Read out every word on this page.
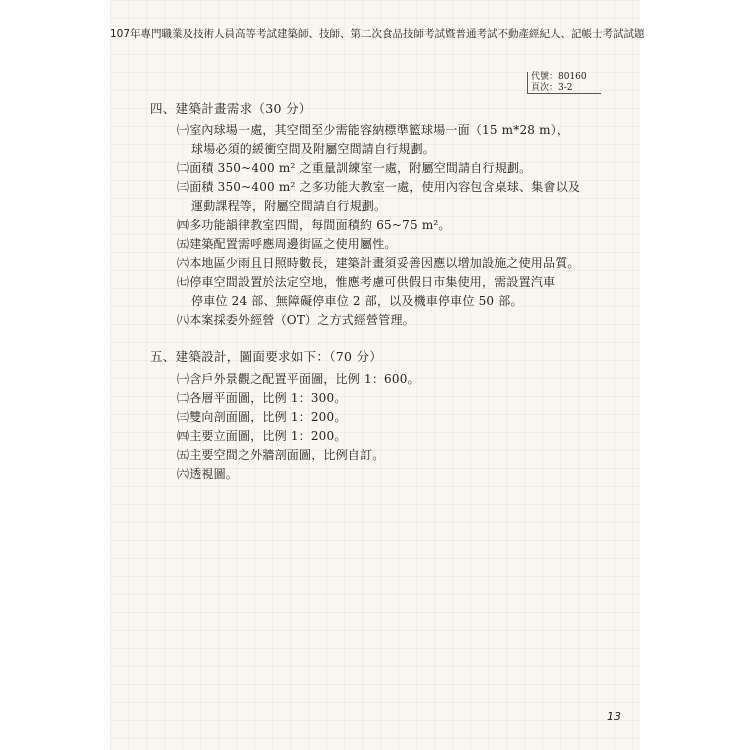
107年專門職業及技術人員高等考試建築師、技師、第二次食品技師考試暨普通考試不動產經紀人、記帳士考試試題
代號：80160
頁次：3-2
四、建築計畫需求（30 分）
㈠室內球場一處，其空間至少需能容納標準籃球場一面（15 m*28 m），
球場必須的緩衝空間及附屬空間請自行規劃。
㈡面積 350~400 m² 之重量訓練室一處，附屬空間請自行規劃。
㈢面積 350~400 m² 之多功能大教室一處，使用內容包含桌球、集會以及
運動課程等，附屬空間請自行規劃。
㈣多功能韻律教室四間，每間面積約 65~75 m²。
㈤建築配置需呼應周邊街區之使用屬性。
㈥本地區少雨且日照時數長，建築計畫須妥善因應以增加設施之使用品質。
㈦停車空間設置於法定空地，惟應考慮可供假日市集使用，需設置汽車
停車位 24 部、無障礙停車位 2 部，以及機車停車位 50 部。
㈧本案採委外經營（OT）之方式經營管理。
五、建築設計，圖面要求如下：（70 分）
㈠含戶外景觀之配置平面圖，比例 1：600。
㈡各層平面圖，比例 1：300。
㈢雙向剖面圖，比例 1：200。
㈣主要立面圖，比例 1：200。
㈤主要空間之外牆剖面圖，比例自訂。
㈥透視圖。
13
